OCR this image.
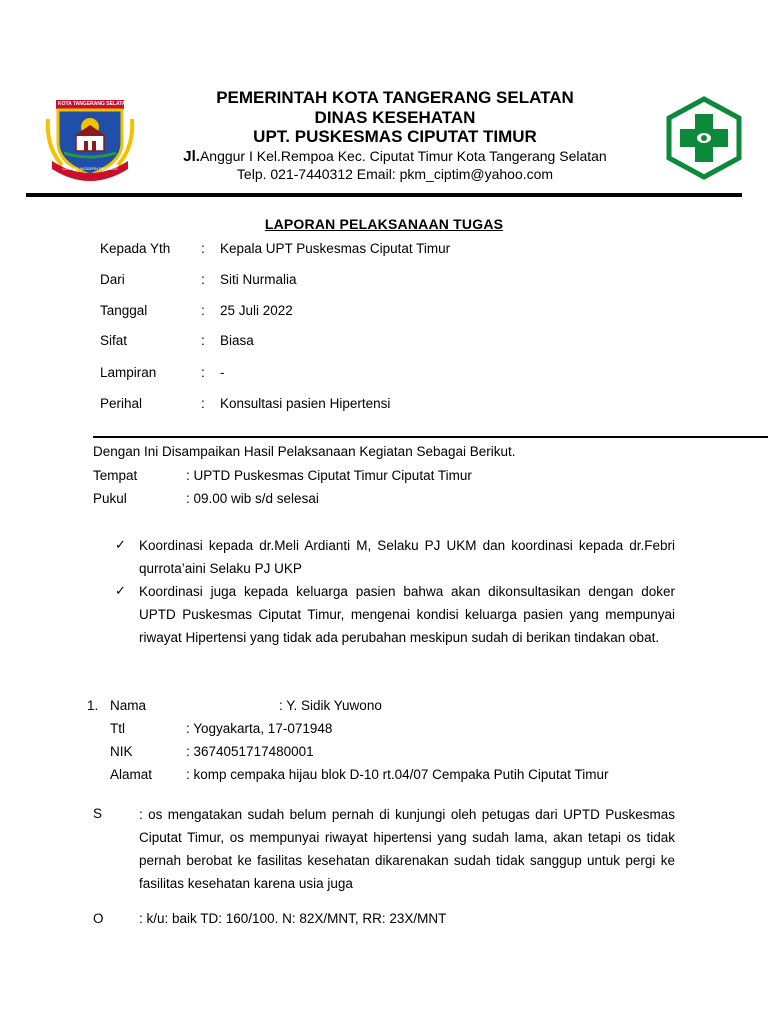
KOTA TANGERANG SELATAN
CERDAS MODERN RELIGIUS
PEMERINTAH KOTA TANGERANG SELATAN
DINAS KESEHATAN
UPT. PUSKESMAS CIPUTAT TIMUR
Jl.Anggur I Kel.Rempoa Kec. Ciputat Timur Kota Tangerang Selatan
Telp. 021-7440312 Email: pkm_ciptim@yahoo.com
LAPORAN PELAKSANAAN TUGAS
Kepada Yth : Kepala UPT Puskesmas Ciputat Timur
Dari	: Siti Nurmalia
Tanggal	: 25 Juli 2022
Sifat	: Biasa
Lampiran	: -
Perihal	: Konsultasi pasien Hipertensi
Dengan Ini Disampaikan Hasil Pelaksanaan Kegiatan Sebagai Berikut.
Tempat	: UPTD Puskesmas Ciputat Timur Ciputat Timur
Pukul	: 09.00 wib s/d selesai
✓ Koordinasi kepada dr.Meli Ardianti M, Selaku PJ UKM dan koordinasi kepada dr.Febri qurrota’aini Selaku PJ UKP
✓ Koordinasi juga kepada keluarga pasien bahwa akan dikonsultasikan dengan doker UPTD Puskesmas Ciputat Timur, mengenai kondisi keluarga pasien yang mempunyai riwayat Hipertensi yang tidak ada perubahan meskipun sudah di berikan tindakan obat.
1. Nama	: Y. Sidik Yuwono
Ttl	: Yogyakarta, 17-071948
NIK	: 3674051717480001
Alamat	: komp cempaka hijau blok D-10 rt.04/07 Cempaka Putih Ciputat Timur
S	: os mengatakan sudah belum pernah di kunjungi oleh petugas dari UPTD Puskesmas Ciputat Timur, os mempunyai riwayat hipertensi yang sudah lama, akan tetapi os tidak pernah berobat ke fasilitas kesehatan dikarenakan sudah tidak sanggup untuk pergi ke fasilitas kesehatan karena usia juga
O	: k/u: baik TD: 160/100. N: 82X/MNT, RR: 23X/MNT
